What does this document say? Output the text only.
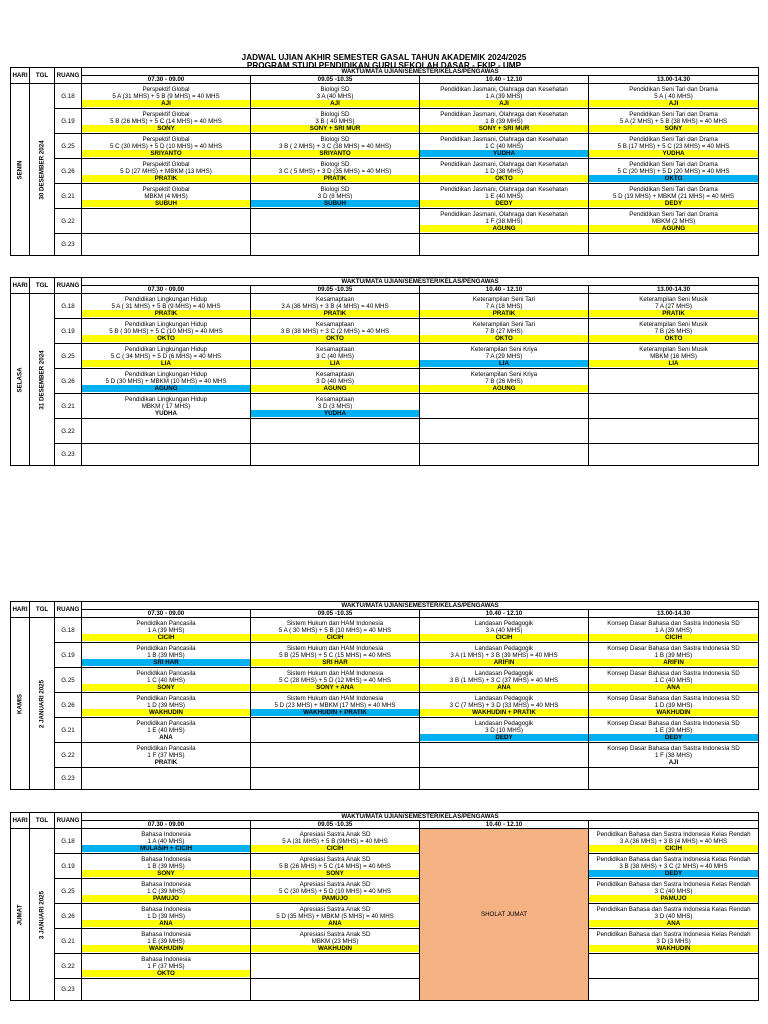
JADWAL UJIAN AKHIR SEMESTER GASAL TAHUN AKADEMIK 2024/2025
PROGRAM STUDI PENDIDIKAN GURU SEKOLAH DASAR - FKIP - UMP
HARI	TGL	RUANG	WAKTU/MATA UJIAN/SEMESTER/KELAS/PENGAWAS			
			07.30 - 09.00	09.05 -10.35	10.40 - 12.10	13.00-14.30

SENIN	30 DESEMBER 2024	G.18	Perspektif Global
5 A (31 MHS) + 5 B (9 MHS) = 40 MHS
AJI	Biologi SD
3 A (40 MHS)
AJI	Pendidikan Jasmani, Olahraga dan Kesehatan
1 A (39 MHS)
AJI	Pendidikan Seni Tari dan Drama
5 A ( 40 MHS)
AJI

		G.19	Perspektif Global
5 B (26 MHS) + 5 C (14 MHS) = 40 MHS
SONY	Biologi SD
3 B ( 40 MHS)
SONY + SRI MUR	Pendidikan Jasmani, Olahraga dan Kesehatan
1 B (39 MHS)
SONY + SRI MUR	Pendidikan Seni Tari dan Drama
5 A (2 MHS) + 5 B (38 MHS) = 40 MHS
SONY

		G.25	Perspektif Global
5 C (30 MHS) + 5 D (10 MHS) = 40 MHS
SRIYANTO	Biologi SD
3 B ( 2 MHS) + 3 C (38 MHS) = 40 MHS)
SRIYANTO	Pendidikan Jasmani, Olahraga dan Kesehatan
1 C (40 MHS)
YUDHA	Pendidikan Seni Tari dan Drama
5 B (17 MHS) + 5 C (23 MHS) = 40 MHS
YUDHA

		G.26	Perspektif Global
5 D (27 MHS) + MBKM (13 MHS)
PRATIK	Biologi SD
3 C ( 5 MHS) + 3 D (35 MHS) = 40 MHS)
PRATIK	Pendidikan Jasmani, Olahraga dan Kesehatan
1 D (38 MHS)
OKTO	Pendidikan Seni Tari dan Drama
5 C (20 MHS) + 5 D (20 MHS) = 40 MHS
OKTO

		G.21	Perspektif Global
MBKM (4 MHS)
SUBUH	Biologi SD
3 D (8 MHS)
SUBUH	Pendidikan Jasmani, Olahraga dan Kesehatan
1 E (40 MHS)
DEDY	Pendidikan Seni Tari dan Drama
5 D (19 MHS) + MBKM (21 MHS) = 40 MHS
DEDY

		G.22			Pendidikan Jasmani, Olahraga dan Kesehatan
1 F (38 MHS)
AGUNG	Pendidikan Seni Tari dan Drama
MBKM (2 MHS)
AGUNG

		G.23				
HARI	TGL	RUANG	WAKTU/MATA UJIAN/SEMESTER/KELAS/PENGAWAS			
			07.30 - 09.00	09.05 -10.35	10.40 - 12.10	13.00-14.30

SELASA	31 DESEMBER 2024	G.18	Pendidikan Lingkungan Hidup
5 A ( 31 MHS) + 5 B (9 MHS) = 40 MHS
PRATIK	Kesamaptaan
3 A (36 MHS) + 3 B (4 MHS) = 40 MHS
PRATIK	Keterampilan Seni Tari
7 A (18 MHS)
PRATIK	Keterampilan Seni Musik
7 A (27 MHS)
PRATIK

		G.19	Pendidikan Lingkungan Hidup
5 B ( 30 MHS) + 5 C (10 MHS) = 40 MHS
OKTO	Kesamaptaan
3 B (38 MHS) + 3 C (2 MHS) = 40 MHS
OKTO	Keterampilan Seni Tari
7 B (27 MHS)
OKTO	Keterampilan Seni Musik
7 B (26 MHS)
OKTO

		G.25	Pendidikan Lingkungan Hidup
5 C ( 34 MHS) + 5 D (6 MHS) = 40 MHS
LIA	Kesamaptaan
3 C (40 MHS)
LIA	Keterampilan Seni Kriya
7 A (29 MHS)
LIA	Keterampilan Seni Musik
MBKM (16 MHS)
LIA

		G.26	Pendidikan Lingkungan Hidup
5 D (30 MHS) + MBKM (10 MHS) = 40 MHS
AGUNG	Kesamaptaan
3 D (40 MHS)
AGUNG	Keterampilan Seni Kriya
7 B (26 MHS)
AGUNG	

		G.21	Pendidikan Lingkungan Hidup
MBKM ( 17 MHS)
YUDHA	Kesamaptaan
3 D (3 MHS)
YUDHA		

		G.22				
		G.23				
HARI	TGL	RUANG	WAKTU/MATA UJIAN/SEMESTER/KELAS/PENGAWAS			
			07.30 - 09.00	09.05 -10.35	10.40 - 12.10	13.00-14.30

KAMIS	2 JANUARI 2025	G.18	Pendidikan Pancasila
1 A (39 MHS)
CICIH	Sistem Hukum dan HAM Indonesia
5 A ( 30 MHS) + 5 B (10 MHS) = 40 MHS
CICIH	Landasan Pedagogik
3 A (40 MHS)
CICIH	Konsep Dasar Bahasa dan Sastra Indonesia SD
1 A (39 MHS)
CICIH

		G.19	Pendidikan Pancasila
1 B (39 MHS)
SRI HAR	Sistem Hukum dan HAM Indonesia
5 B (25 MHS) + 5 C (15 MHS) = 40 MHS
SRI HAR	Landasan Pedagogik
3 A (1 MHS) + 3 B (39 MHS) = 40 MHS
ARIFIN	Konsep Dasar Bahasa dan Sastra Indonesia SD
1 B (39 MHS)
ARIFIN

		G.25	Pendidikan Pancasila
1 C (40 MHS)
SONY	Sistem Hukum dan HAM Indonesia
5 C (28 MHS) + 5 D (12 MHS) = 40 MHS
SONY + ANA	Landasan Pedagogik
3 B (1 MHS) + 3 C (37 MHS) = 40 MHS
ANA	Konsep Dasar Bahasa dan Sastra Indonesia SD
1 C (40 MHS)
ANA

		G.26	Pendidikan Pancasila
1 D (39 MHS)
WAKHUDIN	Sistem Hukum dan HAM Indonesia
5 D (23 MHS) + MBKM (17 MHS) = 40 MHS
WAKHUDIN + PRATIK	Landasan Pedagogik
3 C (7 MHS) + 3 D (33 MHS) = 40 MHS
WAKHUDIN + PRATIK	Konsep Dasar Bahasa dan Sastra Indonesia SD
1 D (39 MHS)
WAKHUDIN

		G.21	Pendidikan Pancasila
1 E (40 MHS)
ANA		Landasan Pedagogik
3 D (10 MHS)
DEDY	Konsep Dasar Bahasa dan Sastra Indonesia SD
1 E (39 MHS)
DEDY

		G.22	Pendidikan Pancasila
1 F (37 MHS)
PRATIK			Konsep Dasar Bahasa dan Sastra Indonesia SD
1 F (38 MHS)
AJI

		G.23				
HARI	TGL	RUANG	WAKTU/MATA UJIAN/SEMESTER/KELAS/PENGAWAS			
			07.30 - 09.00	09.05 -10.35	10.40 - 12.10	

JUMAT	3 JANUARI 2025	G.18	Bahasa Indonesia
1 A (40 MHS)
MULASIH + CICIH	Apresiasi Sastra Anak SD
5 A (31 MHS) + 5 B (9MHS) = 40 MHS
CICIH	SHOLAT JUMAT	Pendidikan Bahasa dan Sastra Indonesia Kelas Rendah
3 A (36 MHS) + 3 B (4 MHS) = 40 MHS
CICIH

		G.19	Bahasa Indonesia
1 B (39 MHS)
SONY	Apresiasi Sastra Anak SD
5 B (26 MHS) + 5 C (14 MHS) = 40 MHS
SONY		Pendidikan Bahasa dan Sastra Indonesia Kelas Rendah
3 B (38 MHS) + 3 C (2 MHS) = 40 MHS
DEDY

		G.25	Bahasa Indonesia
1 C (39 MHS)
PAMUJO	Apresiasi Sastra Anak SD
5 C (30 MHS) + 5 D (10 MHS) = 40 MHS
PAMUJO		Pendidikan Bahasa dan Sastra Indonesia Kelas Rendah
3 C (40 MHS)
PAMUJO

		G.26	Bahasa Indonesia
1 D (39 MHS)
ANA	Apresiasi Sastra Anak SD
5 D (35 MHS) + MBKM (5 MHS) = 40 MHS
ANA		Pendidikan Bahasa dan Sastra Indonesia Kelas Rendah
3 D (40 MHS)
ANA

		G.21	Bahasa Indonesia
1 E (39 MHS)
WAKHUDIN	Apresiasi Sastra Anak SD
MBKM (23 MHS)
WAKHUDIN		Pendidikan Bahasa dan Sastra Indonesia Kelas Rendah
3 D (3 MHS)
WAKHUDIN

		G.22	Bahasa Indonesia
1 F (37 MHS)
OKTO			

		G.23				
